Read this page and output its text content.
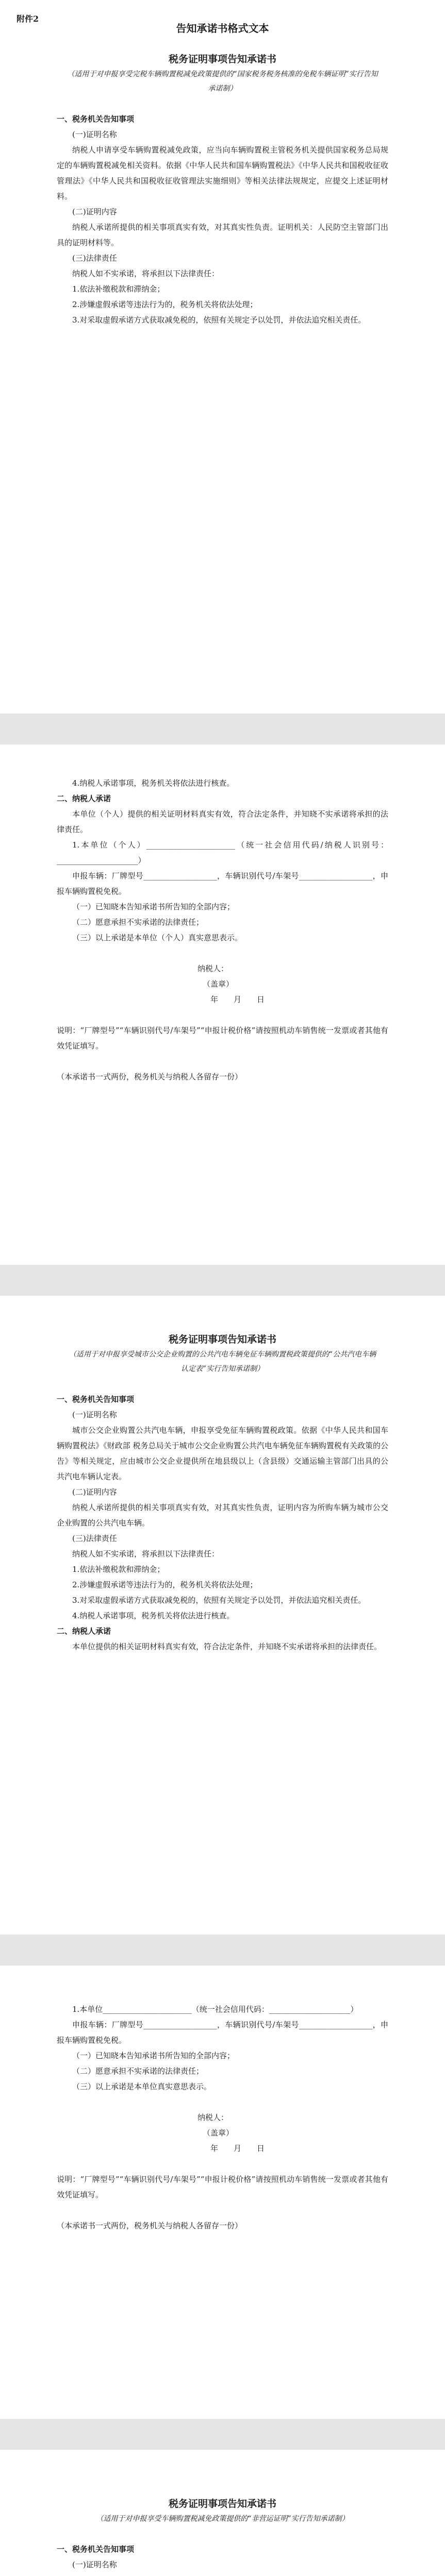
附件2

告知承诺书格式文本

税务证明事项告知承诺书

（适用于对申报享受完税车辆购置税减免政策提供的“国家税务税务核准的免税车辆证明”实行告知承诺制）

一、税务机关告知事项

(一)证明名称

纳税人申请享受车辆购置税减免政策，应当向车辆购置税主管税务机关提供国家税务总局规定的车辆购置税减免相关资料。依据《中华人民共和国车辆购置税法》《中华人民共和国税收征收管理法》《中华人民共和国税收征收管理法实施细则》等相关法律法规规定，应提交上述证明材料。

(二)证明内容

纳税人承诺所提供的相关事项真实有效，对其真实性负责。证明机关：人民防空主管部门出具的证明材料等。

(三)法律责任

纳税人如不实承诺，将承担以下法律责任：

1.依法补缴税款和滞纳金；

2.涉嫌虚假承诺等违法行为的，税务机关将依法处理；

3.对采取虚假承诺方式获取减免税的，依照有关规定予以处罚，并依法追究相关责任。

4.纳税人承诺事项，税务机关将依法进行核查。

二、纳税人承诺

本单位（个人）提供的相关证明材料真实有效，符合法定条件，并知晓不实承诺将承担的法律责任。

1.本单位（个人）_______________________（统一社会信用代码/纳税人识别号：_____________________）

申报车辆：厂牌型号___________________，车辆识别代号/车架号___________________，申报车辆购置税免税。

（一）已知晓本告知承诺书所告知的全部内容；

（二）愿意承担不实承诺的法律责任；

（三）以上承诺是本单位（个人）真实意思表示。

纳税人：

（盖章）

年　　月　　日

说明：“厂牌型号”“车辆识别代号/车架号”“申报计税价格”请按照机动车销售统一发票或者其他有效凭证填写。

（本承诺书一式两份，税务机关与纳税人各留存一份）

税务证明事项告知承诺书

（适用于对申报享受城市公交企业购置的公共汽电车辆免征车辆购置税政策提供的“公共汽电车辆认定表”实行告知承诺制）

一、税务机关告知事项

(一)证明名称

城市公交企业购置公共汽电车辆，申报享受免征车辆购置税政策。依据《中华人民共和国车辆购置税法》《财政部 税务总局关于城市公交企业购置公共汽电车辆免征车辆购置税有关政策的公告》等相关规定，应由城市公交企业提供所在地县级以上（含县级）交通运输主管部门出具的公共汽电车辆认定表。

(二)证明内容

纳税人承诺所提供的相关事项真实有效，对其真实性负责，证明内容为所购车辆为城市公交企业购置的公共汽电车辆。

(三)法律责任

纳税人如不实承诺，将承担以下法律责任：

1.依法补缴税款和滞纳金；

2.涉嫌虚假承诺等违法行为的，税务机关将依法处理；

3.对采取虚假承诺方式获取减免税的，依照有关规定予以处罚，并依法追究相关责任。

4.纳税人承诺事项，税务机关将依法进行核查。

二、纳税人承诺

本单位提供的相关证明材料真实有效，符合法定条件，并知晓不实承诺将承担的法律责任。

1.本单位_______________________（统一社会信用代码：_____________________）

申报车辆：厂牌型号___________________，车辆识别代号/车架号___________________，申报车辆购置税免税。

（一）已知晓本告知承诺书所告知的全部内容；

（二）愿意承担不实承诺的法律责任；

（三）以上承诺是本单位真实意思表示。

纳税人：

（盖章）

年　　月　　日

说明：“厂牌型号”“车辆识别代号/车架号”“申报计税价格”请按照机动车销售统一发票或者其他有效凭证填写。

（本承诺书一式两份，税务机关与纳税人各留存一份）

税务证明事项告知承诺书

（适用于对申报享受车辆购置税减免政策提供的“非营运证明”实行告知承诺制）

一、税务机关告知事项

(一)证明名称
